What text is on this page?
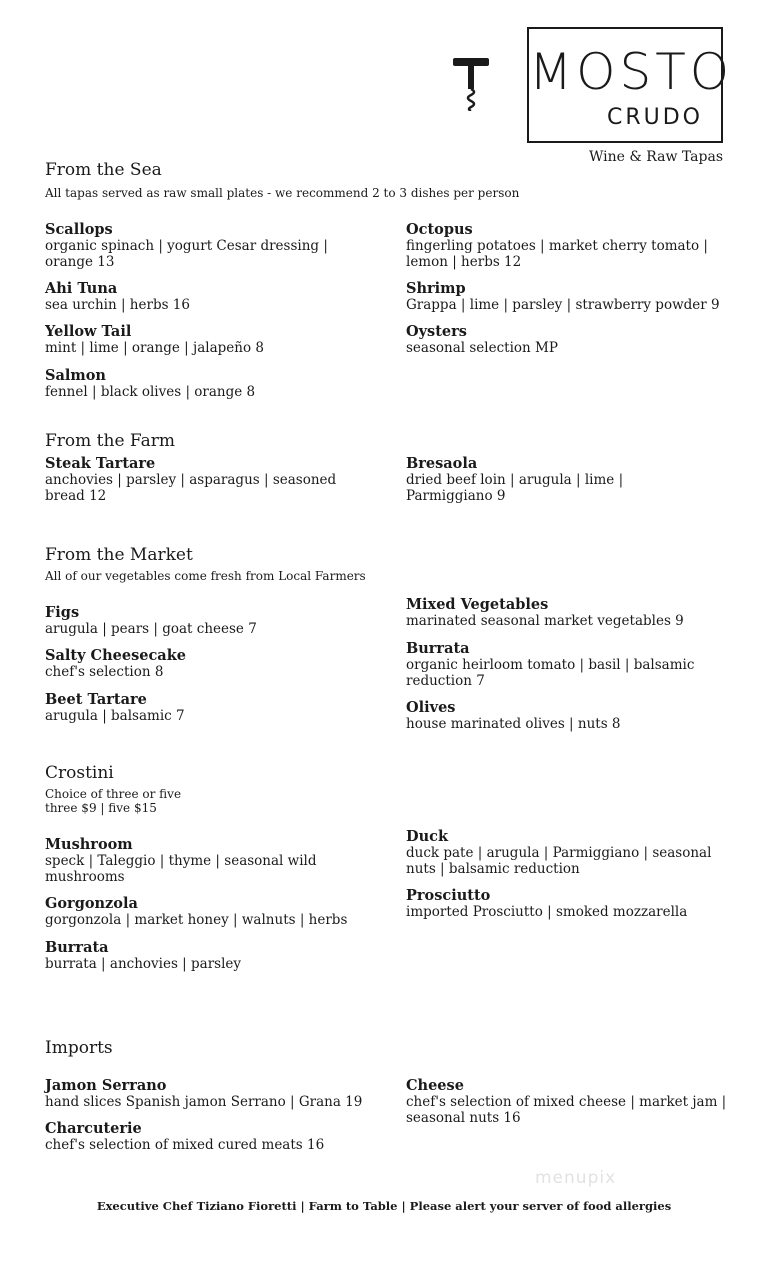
MOSTO
CRUDO
Wine & Raw Tapas
From the Sea
All tapas served as raw small plates - we recommend 2 to 3 dishes per person
Scallops
organic spinach | yogurt Cesar dressing | orange 13
Ahi Tuna
sea urchin | herbs 16
Yellow Tail
mint | lime | orange | jalapeño 8
Salmon
fennel | black olives | orange 8
Octopus
fingerling potatoes | market cherry tomato | lemon | herbs 12
Shrimp
Grappa | lime | parsley | strawberry powder 9
Oysters
seasonal selection MP
From the Farm
Steak Tartare
anchovies | parsley | asparagus | seasoned bread 12
Bresaola
dried beef loin | arugula | lime | Parmiggiano 9
From the Market
All of our vegetables come fresh from Local Farmers
Figs
arugula | pears | goat cheese 7
Salty Cheesecake
chef's selection 8
Beet Tartare
arugula | balsamic 7
Mixed Vegetables
marinated seasonal market vegetables 9
Burrata
organic heirloom tomato | basil | balsamic reduction 7
Olives
house marinated olives | nuts 8
Crostini
Choice of three or five
three $9 | five $15
Mushroom
speck | Taleggio | thyme | seasonal wild mushrooms
Gorgonzola
gorgonzola | market honey | walnuts | herbs
Burrata
burrata | anchovies | parsley
Duck
duck pate | arugula | Parmiggiano | seasonal nuts | balsamic reduction
Prosciutto
imported Prosciutto | smoked mozzarella
Imports
Jamon Serrano
hand slices Spanish jamon Serrano | Grana 19
Charcuterie
chef's selection of mixed cured meats 16
Cheese
chef's selection of mixed cheese | market jam | seasonal nuts 16
menupix
Executive Chef Tiziano Fioretti | Farm to Table | Please alert your server of food allergies
